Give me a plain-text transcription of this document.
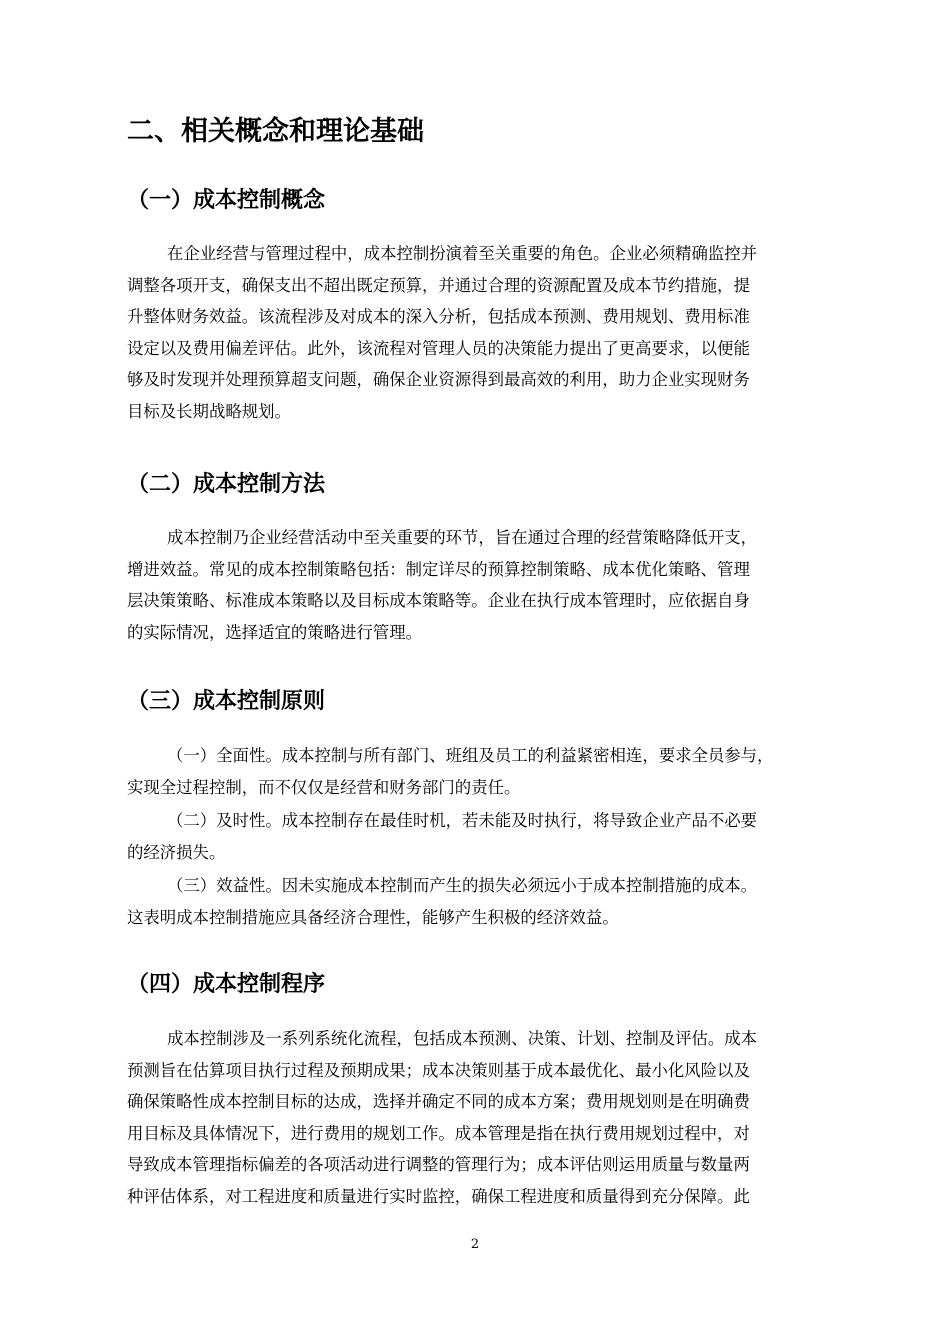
二、相关概念和理论基础
（一）成本控制概念
在企业经营与管理过程中，成本控制扮演着至关重要的角色。企业必须精确监控并
调整各项开支，确保支出不超出既定预算，并通过合理的资源配置及成本节约措施，提
升整体财务效益。该流程涉及对成本的深入分析，包括成本预测、费用规划、费用标准
设定以及费用偏差评估。此外，该流程对管理人员的决策能力提出了更高要求，以便能
够及时发现并处理预算超支问题，确保企业资源得到最高效的利用，助力企业实现财务
目标及长期战略规划。
（二）成本控制方法
成本控制乃企业经营活动中至关重要的环节，旨在通过合理的经营策略降低开支，
增进效益。常见的成本控制策略包括：制定详尽的预算控制策略、成本优化策略、管理
层决策策略、标准成本策略以及目标成本策略等。企业在执行成本管理时，应依据自身
的实际情况，选择适宜的策略进行管理。
（三）成本控制原则
（一）全面性。成本控制与所有部门、班组及员工的利益紧密相连，要求全员参与，
实现全过程控制，而不仅仅是经营和财务部门的责任。
（二）及时性。成本控制存在最佳时机，若未能及时执行，将导致企业产品不必要
的经济损失。
（三）效益性。因未实施成本控制而产生的损失必须远小于成本控制措施的成本。
这表明成本控制措施应具备经济合理性，能够产生积极的经济效益。
（四）成本控制程序
成本控制涉及一系列系统化流程，包括成本预测、决策、计划、控制及评估。成本
预测旨在估算项目执行过程及预期成果；成本决策则基于成本最优化、最小化风险以及
确保策略性成本控制目标的达成，选择并确定不同的成本方案；费用规划则是在明确费
用目标及具体情况下，进行费用的规划工作。成本管理是指在执行费用规划过程中，对
导致成本管理指标偏差的各项活动进行调整的管理行为；成本评估则运用质量与数量两
种评估体系，对工程进度和质量进行实时监控，确保工程进度和质量得到充分保障。此
2
